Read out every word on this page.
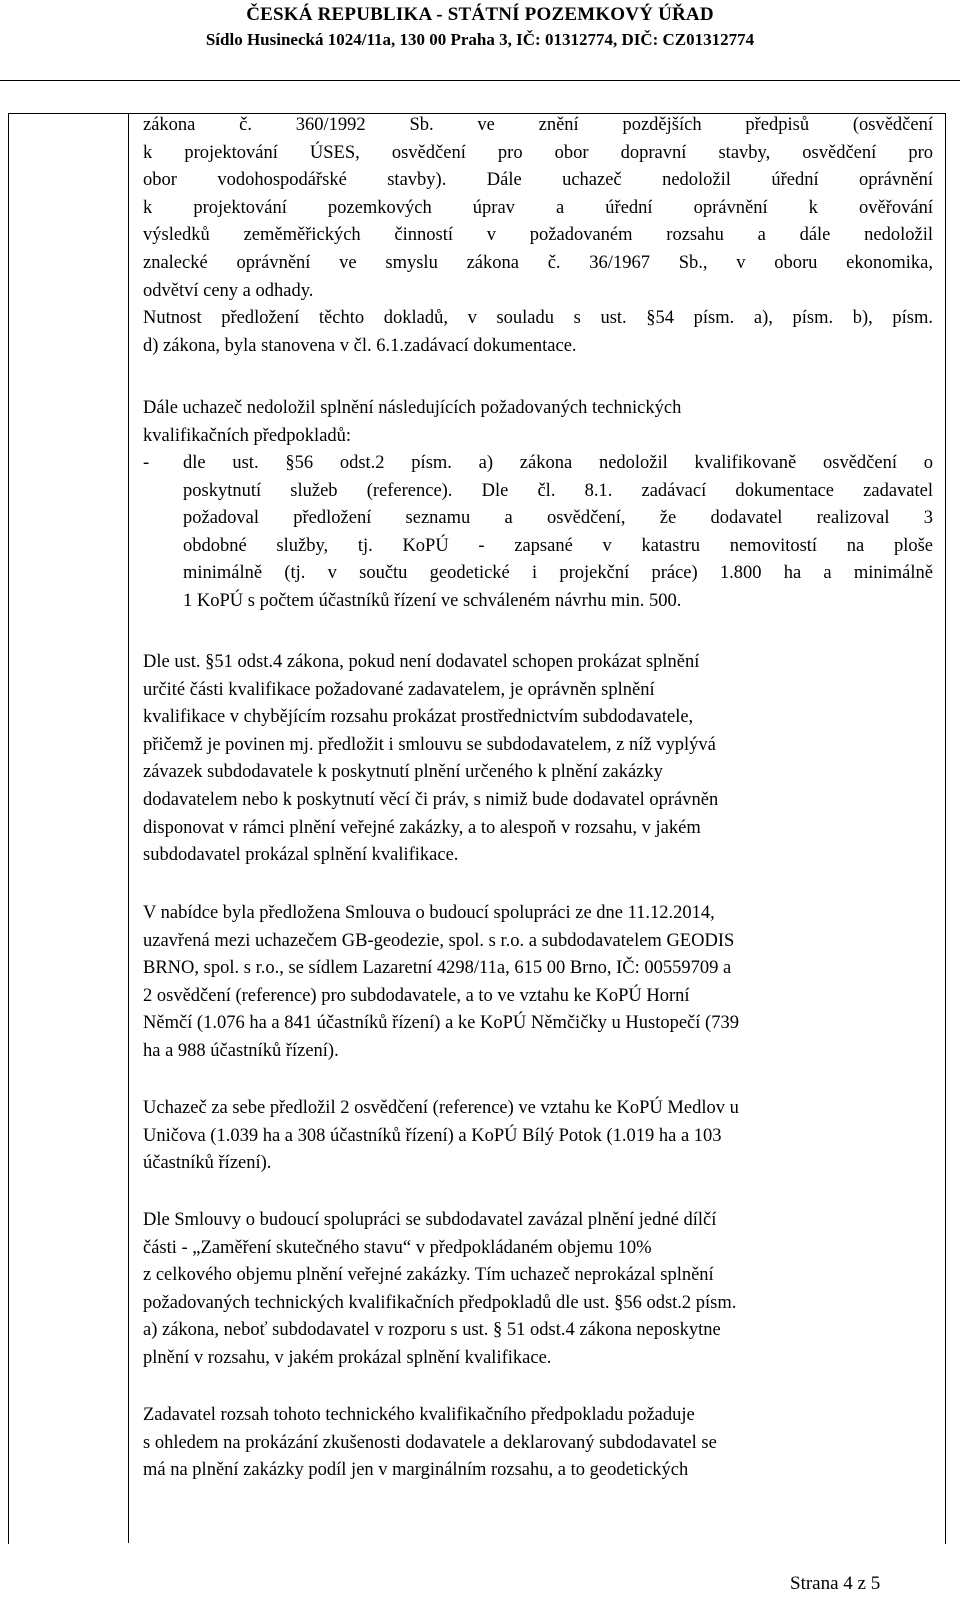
ČESKÁ REPUBLIKA - STÁTNÍ POZEMKOVÝ ÚŘAD
Sídlo Husinecká 1024/11a, 130 00 Praha 3, IČ: 01312774, DIČ: CZ01312774
zákona č. 360/1992 Sb. ve znění pozdějších předpisů (osvědčení
k projektování ÚSES, osvědčení pro obor dopravní stavby, osvědčení pro
obor vodohospodářské stavby). Dále uchazeč nedoložil úřední oprávnění
k projektování pozemkových úprav a úřední oprávnění k ověřování
výsledků zeměměřických činností v požadovaném rozsahu a dále nedoložil
znalecké oprávnění ve smyslu zákona č. 36/1967 Sb., v oboru ekonomika,
odvětví ceny a odhady.
Nutnost předložení těchto dokladů, v souladu s ust. §54 písm. a), písm. b), písm.
d) zákona, byla stanovena v čl. 6.1.zadávací dokumentace.
Dále uchazeč nedoložil splnění následujících požadovaných technických
kvalifikačních předpokladů:
- dle ust. §56 odst.2 písm. a) zákona nedoložil kvalifikovaně osvědčení o
poskytnutí služeb (reference). Dle čl. 8.1. zadávací dokumentace zadavatel
požadoval předložení seznamu a osvědčení, že dodavatel realizoval 3
obdobné služby, tj. KoPÚ - zapsané v katastru nemovitostí na ploše
minimálně (tj. v součtu geodetické i projekční práce) 1.800 ha a minimálně
1 KoPÚ s počtem účastníků řízení ve schváleném návrhu min. 500.
Dle ust. §51 odst.4 zákona, pokud není dodavatel schopen prokázat splnění
určité části kvalifikace požadované zadavatelem, je oprávněn splnění
kvalifikace v chybějícím rozsahu prokázat prostřednictvím subdodavatele,
přičemž je povinen mj. předložit i smlouvu se subdodavatelem, z níž vyplývá
závazek subdodavatele k poskytnutí plnění určeného k plnění zakázky
dodavatelem nebo k poskytnutí věcí či práv, s nimiž bude dodavatel oprávněn
disponovat v rámci plnění veřejné zakázky, a to alespoň v rozsahu, v jakém
subdodavatel prokázal splnění kvalifikace.
V nabídce byla předložena Smlouva o budoucí spolupráci ze dne 11.12.2014,
uzavřená mezi uchazečem GB-geodezie, spol. s r.o. a subdodavatelem GEODIS
BRNO, spol. s r.o., se sídlem Lazaretní 4298/11a, 615 00 Brno, IČ: 00559709 a
2 osvědčení (reference) pro subdodavatele, a to ve vztahu ke KoPÚ Horní
Němčí (1.076 ha a 841 účastníků řízení) a ke KoPÚ Němčičky u Hustopečí (739
ha a 988 účastníků řízení).
Uchazeč za sebe předložil 2 osvědčení (reference) ve vztahu ke KoPÚ Medlov u
Uničova (1.039 ha a 308 účastníků řízení) a KoPÚ Bílý Potok (1.019 ha a 103
účastníků řízení).
Dle Smlouvy o budoucí spolupráci se subdodavatel zavázal plnění jedné dílčí
části - „Zaměření skutečného stavu“ v předpokládaném objemu 10%
z celkového objemu plnění veřejné zakázky. Tím uchazeč neprokázal splnění
požadovaných technických kvalifikačních předpokladů dle ust. §56 odst.2 písm.
a) zákona, neboť subdodavatel v rozporu s ust. § 51 odst.4 zákona neposkytne
plnění v rozsahu, v jakém prokázal splnění kvalifikace.
Zadavatel rozsah tohoto technického kvalifikačního předpokladu požaduje
s ohledem na prokázání zkušenosti dodavatele a deklarovaný subdodavatel se
má na plnění zakázky podíl jen v marginálním rozsahu, a to geodetických
Strana 4 z 5
